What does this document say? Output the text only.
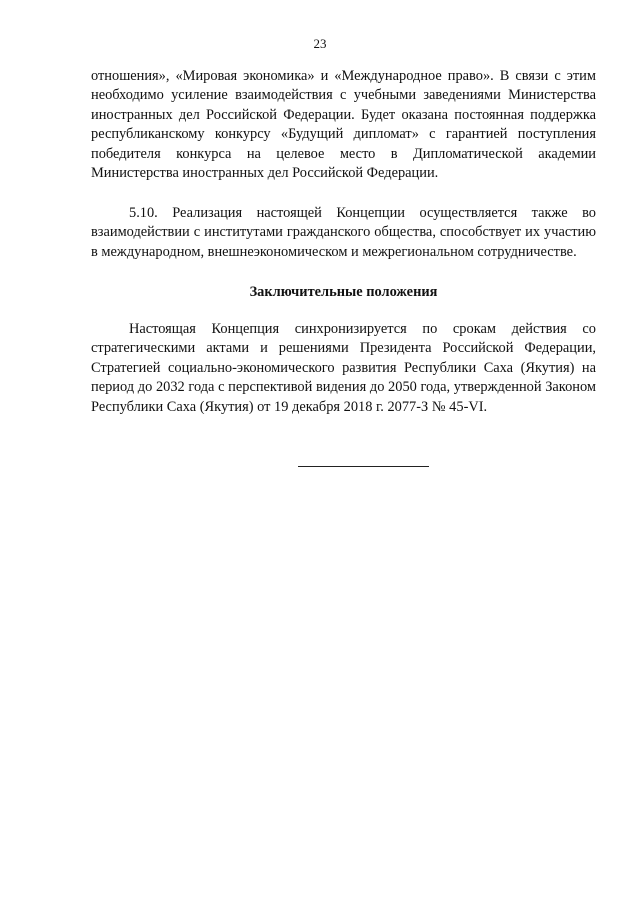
23
отношения», «Мировая экономика» и «Международное право». В связи с этим необходимо усиление взаимодействия с учебными заведениями Министерства иностранных дел Российской Федерации. Будет оказана постоянная поддержка республиканскому конкурсу «Будущий дипломат» с гарантией поступления победителя конкурса на целевое место в Дипломатической академии Министерства иностранных дел Российской Федерации.
5.10. Реализация настоящей Концепции осуществляется также во взаимодействии с институтами гражданского общества, способствует их участию в международном, внешнеэкономическом и межрегиональном сотрудничестве.
Заключительные положения
Настоящая Концепция синхронизируется по срокам действия со стратегическими актами и решениями Президента Российской Федерации, Стратегией социально-экономического развития Республики Саха (Якутия) на период до 2032 года с перспективой видения до 2050 года, утвержденной Законом Республики Саха (Якутия) от 19 декабря 2018 г. 2077-З № 45-VI.
